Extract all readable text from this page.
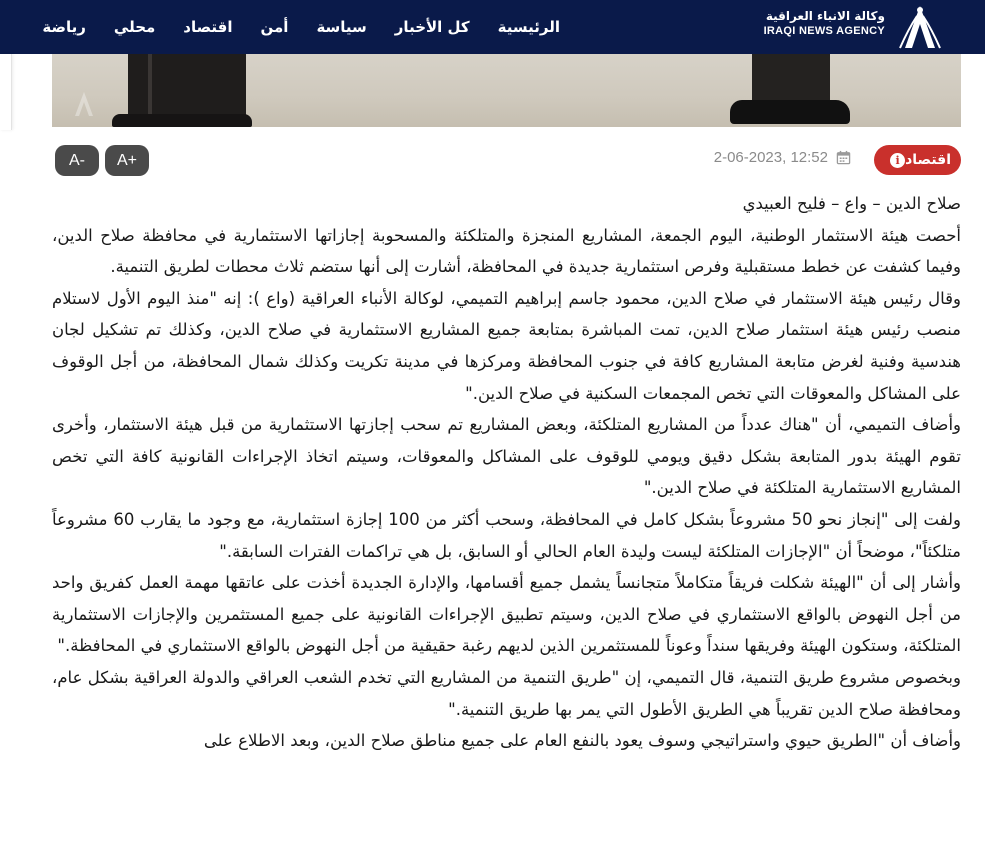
وكالة الانباء العراقية
IRAQI NEWS AGENCY
الرئيسية
كل الأخبار
سياسة
أمن
اقتصاد
محلي
رياضة
i اقتصاد
2-06-2023, 12:52
A-	A+

صلاح الدين – واع – فليح العبيدي

أحصت هيئة الاستثمار الوطنية، اليوم الجمعة، المشاريع المنجزة والمتلكئة والمسحوبة إجازاتها الاستثمارية في محافظة صلاح الدين، وفيما كشفت عن خطط مستقبلية وفرص استثمارية جديدة في المحافظة، أشارت إلى أنها ستضم ثلاث محطات لطريق التنمية.

وقال رئيس هيئة الاستثمار في صلاح الدين، محمود جاسم إبراهيم التميمي، لوكالة الأنباء العراقية (واع ): إنه "منذ اليوم الأول لاستلام منصب رئيس هيئة استثمار صلاح الدين، تمت المباشرة بمتابعة جميع المشاريع الاستثمارية في صلاح الدين، وكذلك تم تشكيل لجان هندسية وفنية لغرض متابعة المشاريع كافة في جنوب المحافظة ومركزها في مدينة تكريت وكذلك شمال المحافظة، من أجل الوقوف على المشاكل والمعوقات التي تخص المجمعات السكنية في صلاح الدين."

وأضاف التميمي، أن "هناك عدداً من المشاريع المتلكئة، وبعض المشاريع تم سحب إجازتها الاستثمارية من قبل هيئة الاستثمار، وأخرى تقوم الهيئة بدور المتابعة بشكل دقيق ويومي للوقوف على المشاكل والمعوقات، وسيتم اتخاذ الإجراءات القانونية كافة التي تخص المشاريع الاستثمارية المتلكئة في صلاح الدين."

ولفت إلى "إنجاز نحو 50 مشروعاً بشكل كامل في المحافظة، وسحب أكثر من 100 إجازة استثمارية، مع وجود ما يقارب 60 مشروعاً متلكئاً"، موضحاً أن "الإجازات المتلكئة ليست وليدة العام الحالي أو السابق، بل هي تراكمات الفترات السابقة."

وأشار إلى أن "الهيئة شكلت فريقاً متكاملاً متجانساً يشمل جميع أقسامها، والإدارة الجديدة أخذت على عاتقها مهمة العمل كفريق واحد من أجل النهوض بالواقع الاستثماري في صلاح الدين، وسيتم تطبيق الإجراءات القانونية على جميع المستثمرين والإجازات الاستثمارية المتلكئة، وستكون الهيئة وفريقها سنداً وعوناً للمستثمرين الذين لديهم رغبة حقيقية من أجل النهوض بالواقع الاستثماري في المحافظة."

وبخصوص مشروع طريق التنمية، قال التميمي، إن "طريق التنمية من المشاريع التي تخدم الشعب العراقي والدولة العراقية بشكل عام، ومحافظة صلاح الدين تقريباً هي الطريق الأطول التي يمر بها طريق التنمية."

وأضاف أن "الطريق حيوي واستراتيجي وسوف يعود بالنفع العام على جميع مناطق صلاح الدين، وبعد الاطلاع على
